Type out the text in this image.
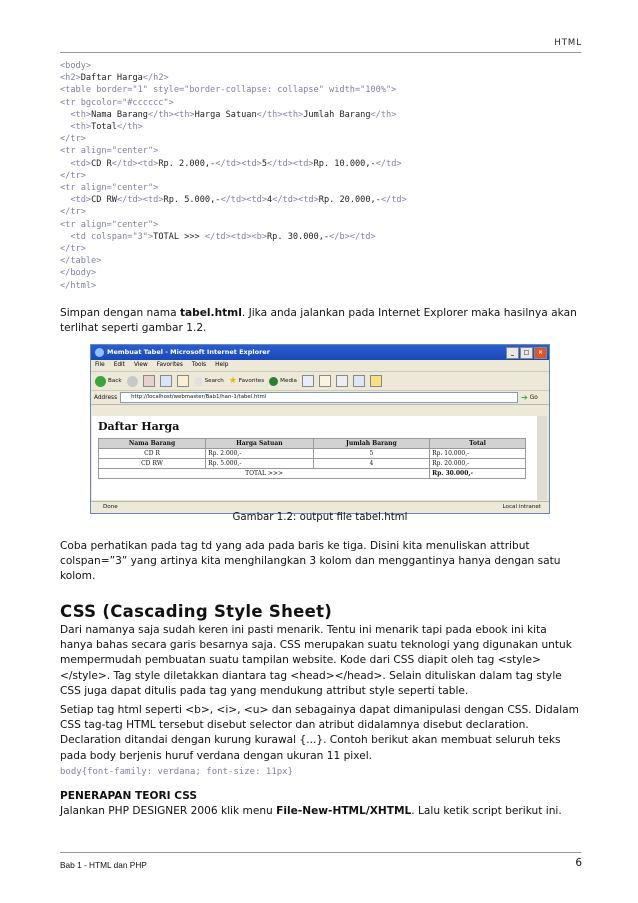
HTML
<body>
<h2>Daftar Harga</h2>
<table border="1" style="border-collapse: collapse" width="100%">
<tr bgcolor="#cccccc">
<th>Nama Barang</th><th>Harga Satuan</th><th>Jumlah Barang</th>
<th>Total</th>
</tr>
<tr align="center">
<td>CD R</td><td>Rp. 2.000,-</td><td>5</td><td>Rp. 10.000,-</td>
</tr>
<tr align="center">
<td>CD RW</td><td>Rp. 5.000,-</td><td>4</td><td>Rp. 20.000,-</td>
</tr>
<tr align="center">
<td colspan="3">TOTAL >>> </td><td><b>Rp. 30.000,-</b></td>
</tr>
</table>
</body>
</html>

Simpan dengan nama tabel.html. Jika anda jalankan pada Internet Explorer maka hasilnya akan terlihat seperti gambar 1.2.

Membuat Tabel - Microsoft Internet Explorer	_	□	×
File Edit View Favorites Tools Help
Back	Search ★ Favorites	Media
Address	http://localhost/webmaster/Bab1/han-1/tabel.html	➔ Go
Daftar Harga
Nama Barang	Harga Satuan	Jumlah Barang	Total
CD R	Rp. 2.000,-	5	Rp. 10.000,-
CD RW	Rp. 5.000,-	4	Rp. 20.000,-
TOTAL >>>			Rp. 30.000,-
Done	Local intranet
Gambar 1.2: output file tabel.html

Coba perhatikan pada tag td yang ada pada baris ke tiga. Disini kita menuliskan attribut colspan=”3” yang artinya kita menghilangkan 3 kolom dan menggantinya hanya dengan satu kolom.

CSS (Cascading Style Sheet)

Dari namanya saja sudah keren ini pasti menarik. Tentu ini menarik tapi pada ebook ini kita hanya bahas secara garis besarnya saja. CSS merupakan suatu teknologi yang digunakan untuk mempermudah pembuatan suatu tampilan website. Kode dari CSS diapit oleh tag <style></style>. Tag style diletakkan diantara tag <head></head>. Selain dituliskan dalam tag style CSS juga dapat ditulis pada tag yang mendukung attribut style seperti table.

Setiap tag html seperti <b>, <i>, <u> dan sebagainya dapat dimanipulasi dengan CSS. Didalam CSS tag-tag HTML tersebut disebut selector dan atribut didalamnya disebut declaration. Declaration ditandai dengan kurung kurawal {...}. Contoh berikut akan membuat seluruh teks pada body berjenis huruf verdana dengan ukuran 11 pixel.

body{font-family: verdana; font-size: 11px}

PENERAPAN TEORI CSS

Jalankan PHP DESIGNER 2006 klik menu File-New-HTML/XHTML. Lalu ketik script berikut ini.

Bab 1 - HTML dan PHP	6
